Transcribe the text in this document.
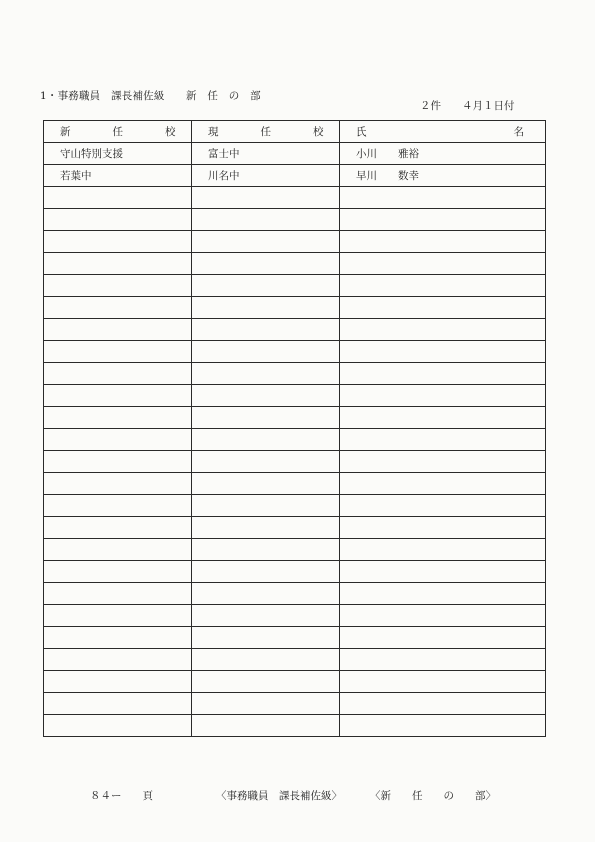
1・事務職員　課長補佐級　　新　任　の　部
２件　　４月１日付
新　　　　任　　　　校	現　　　　任　　　　校	氏　　　　　　　　　　　　　　名
守山特別支援	富士中	小川　　雅裕
若葉中	川名中	早川　　数幸

８４ー　　頁	〈事務職員　課長補佐級〉	〈新　　任　　の　　部〉
